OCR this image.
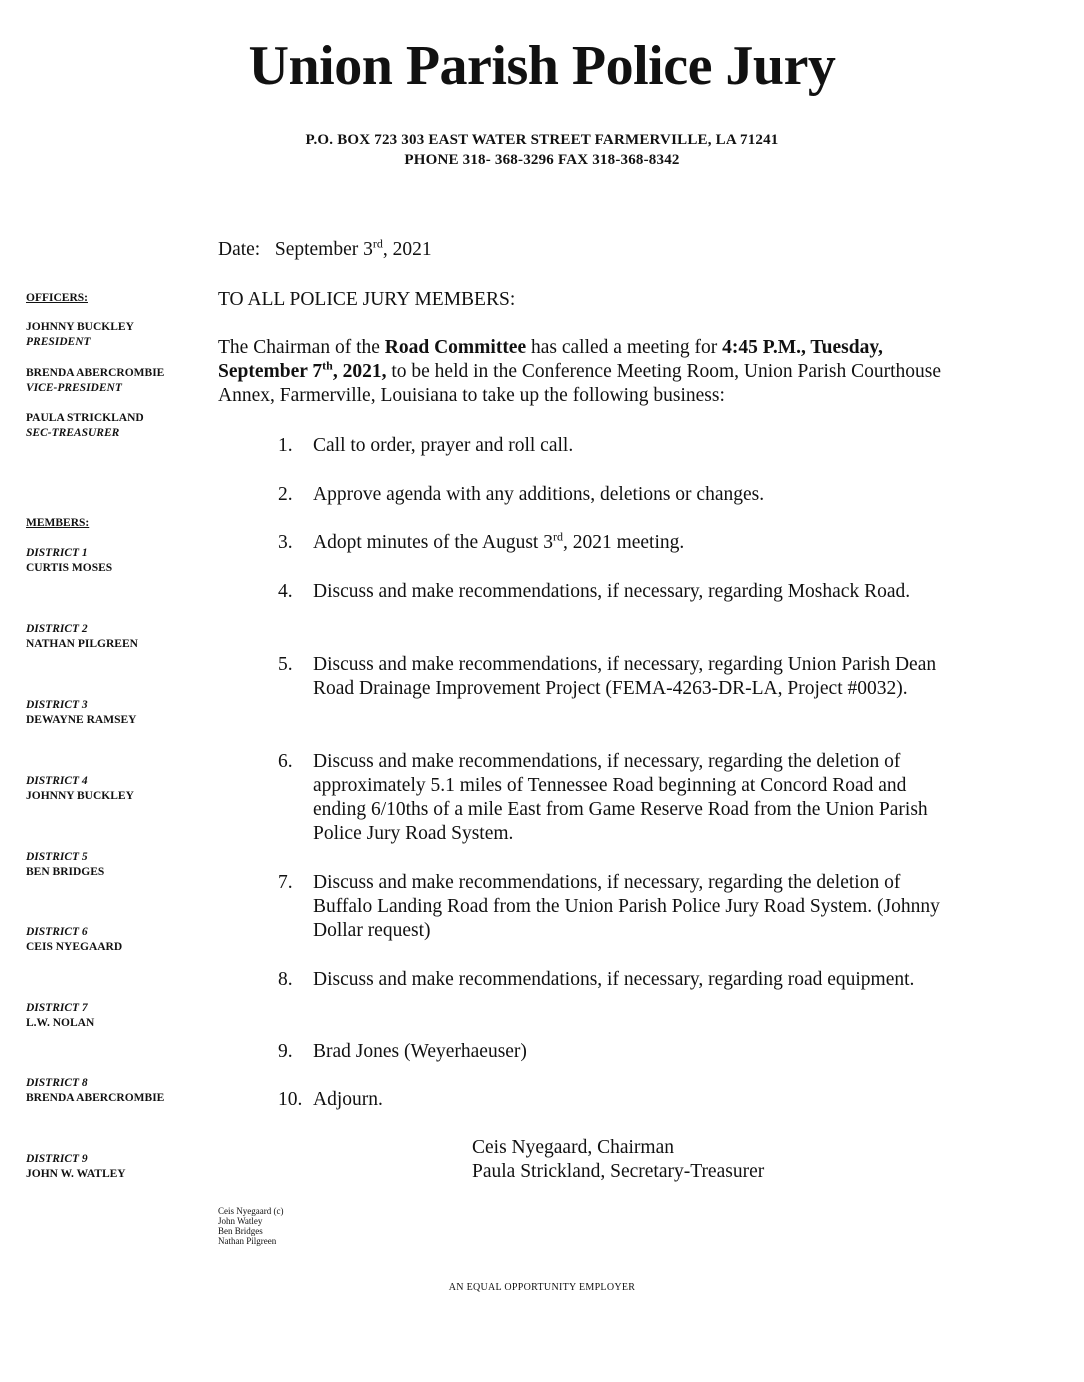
Union Parish Police Jury
P.O. BOX 723 303 EAST WATER STREET FARMERVILLE, LA 71241
PHONE 318- 368-3296 FAX 318-368-8342
OFFICERS:
JOHNNY BUCKLEY
PRESIDENT
BRENDA ABERCROMBIE
VICE-PRESIDENT
PAULA STRICKLAND
SEC-TREASURER
MEMBERS:
DISTRICT 1
CURTIS MOSES
DISTRICT 2
NATHAN PILGREEN
DISTRICT 3
DEWAYNE RAMSEY
DISTRICT 4
JOHNNY BUCKLEY
DISTRICT 5
BEN BRIDGES
DISTRICT 6
CEIS NYEGAARD
DISTRICT 7
L.W. NOLAN
DISTRICT 8
BRENDA ABERCROMBIE
DISTRICT 9
JOHN W. WATLEY
Date: September 3rd, 2021
TO ALL POLICE JURY MEMBERS:
The Chairman of the Road Committee has called a meeting for 4:45 P.M., Tuesday, September 7th, 2021, to be held in the Conference Meeting Room, Union Parish Courthouse Annex, Farmerville, Louisiana to take up the following business:
1. Call to order, prayer and roll call.
2. Approve agenda with any additions, deletions or changes.
3. Adopt minutes of the August 3rd, 2021 meeting.
4. Discuss and make recommendations, if necessary, regarding Moshack Road.
5. Discuss and make recommendations, if necessary, regarding Union Parish Dean Road Drainage Improvement Project (FEMA-4263-DR-LA, Project #0032).
6. Discuss and make recommendations, if necessary, regarding the deletion of approximately 5.1 miles of Tennessee Road beginning at Concord Road and ending 6/10ths of a mile East from Game Reserve Road from the Union Parish Police Jury Road System.
7. Discuss and make recommendations, if necessary, regarding the deletion of Buffalo Landing Road from the Union Parish Police Jury Road System. (Johnny Dollar request)
8. Discuss and make recommendations, if necessary, regarding road equipment.
9. Brad Jones (Weyerhaeuser)
10. Adjourn.
Ceis Nyegaard, Chairman
Paula Strickland, Secretary-Treasurer
Ceis Nyegaard (c)
John Watley
Ben Bridges
Nathan Pilgreen
AN EQUAL OPPORTUNITY EMPLOYER
